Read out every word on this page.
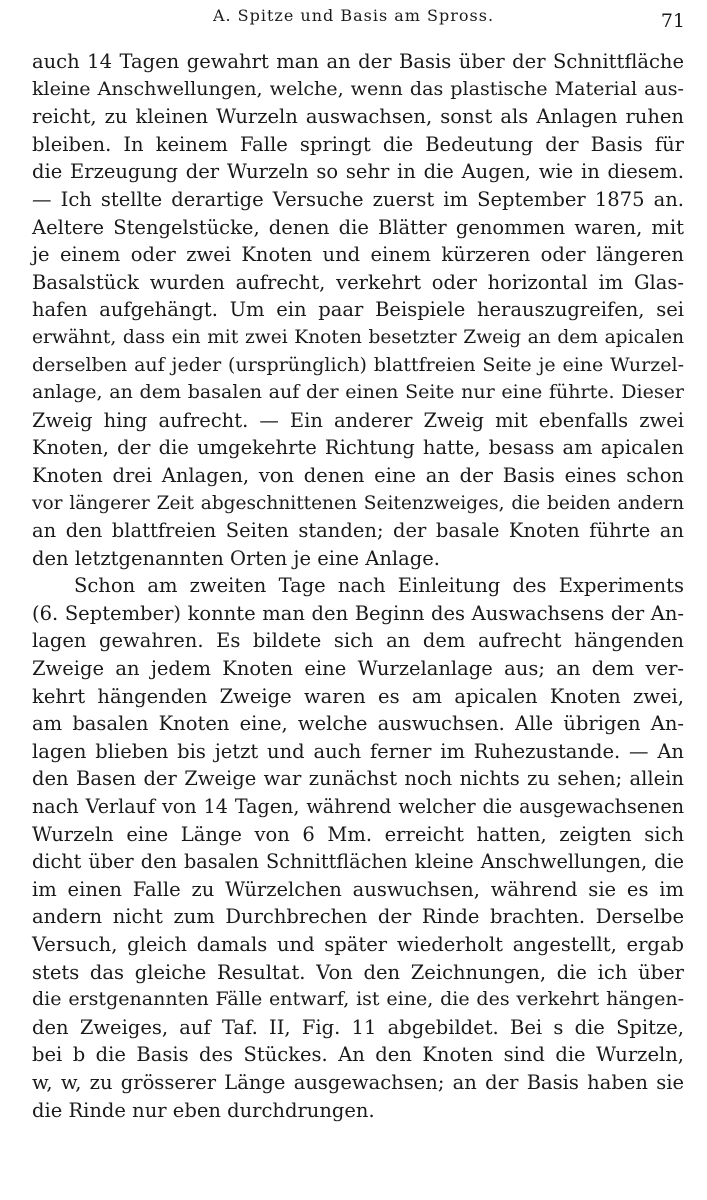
A. Spitze und Basis am Spross.	71
auch 14 Tagen gewahrt man an der Basis über der Schnittfläche
kleine Anschwellungen, welche, wenn das plastische Material aus-
reicht, zu kleinen Wurzeln auswachsen, sonst als Anlagen ruhen
bleiben. In keinem Falle springt die Bedeutung der Basis für
die Erzeugung der Wurzeln so sehr in die Augen, wie in diesem.
— Ich stellte derartige Versuche zuerst im September 1875 an.
Aeltere Stengelstücke, denen die Blätter genommen waren, mit
je einem oder zwei Knoten und einem kürzeren oder längeren
Basalstück wurden aufrecht, verkehrt oder horizontal im Glas-
hafen aufgehängt. Um ein paar Beispiele herauszugreifen, sei
erwähnt, dass ein mit zwei Knoten besetzter Zweig an dem apicalen
derselben auf jeder (ursprünglich) blattfreien Seite je eine Wurzel-
anlage, an dem basalen auf der einen Seite nur eine führte. Dieser
Zweig hing aufrecht. — Ein anderer Zweig mit ebenfalls zwei
Knoten, der die umgekehrte Richtung hatte, besass am apicalen
Knoten drei Anlagen, von denen eine an der Basis eines schon
vor längerer Zeit abgeschnittenen Seitenzweiges, die beiden andern
an den blattfreien Seiten standen; der basale Knoten führte an
den letztgenannten Orten je eine Anlage.
Schon am zweiten Tage nach Einleitung des Experiments
(6. September) konnte man den Beginn des Auswachsens der An-
lagen gewahren. Es bildete sich an dem aufrecht hängenden
Zweige an jedem Knoten eine Wurzelanlage aus; an dem ver-
kehrt hängenden Zweige waren es am apicalen Knoten zwei,
am basalen Knoten eine, welche auswuchsen. Alle übrigen An-
lagen blieben bis jetzt und auch ferner im Ruhezustande. — An
den Basen der Zweige war zunächst noch nichts zu sehen; allein
nach Verlauf von 14 Tagen, während welcher die ausgewachsenen
Wurzeln eine Länge von 6 Mm. erreicht hatten, zeigten sich
dicht über den basalen Schnittflächen kleine Anschwellungen, die
im einen Falle zu Würzelchen auswuchsen, während sie es im
andern nicht zum Durchbrechen der Rinde brachten. Derselbe
Versuch, gleich damals und später wiederholt angestellt, ergab
stets das gleiche Resultat. Von den Zeichnungen, die ich über
die erstgenannten Fälle entwarf, ist eine, die des verkehrt hängen-
den Zweiges, auf Taf. II, Fig. 11 abgebildet. Bei s die Spitze,
bei b die Basis des Stückes. An den Knoten sind die Wurzeln,
w, w, zu grösserer Länge ausgewachsen; an der Basis haben sie
die Rinde nur eben durchdrungen.
